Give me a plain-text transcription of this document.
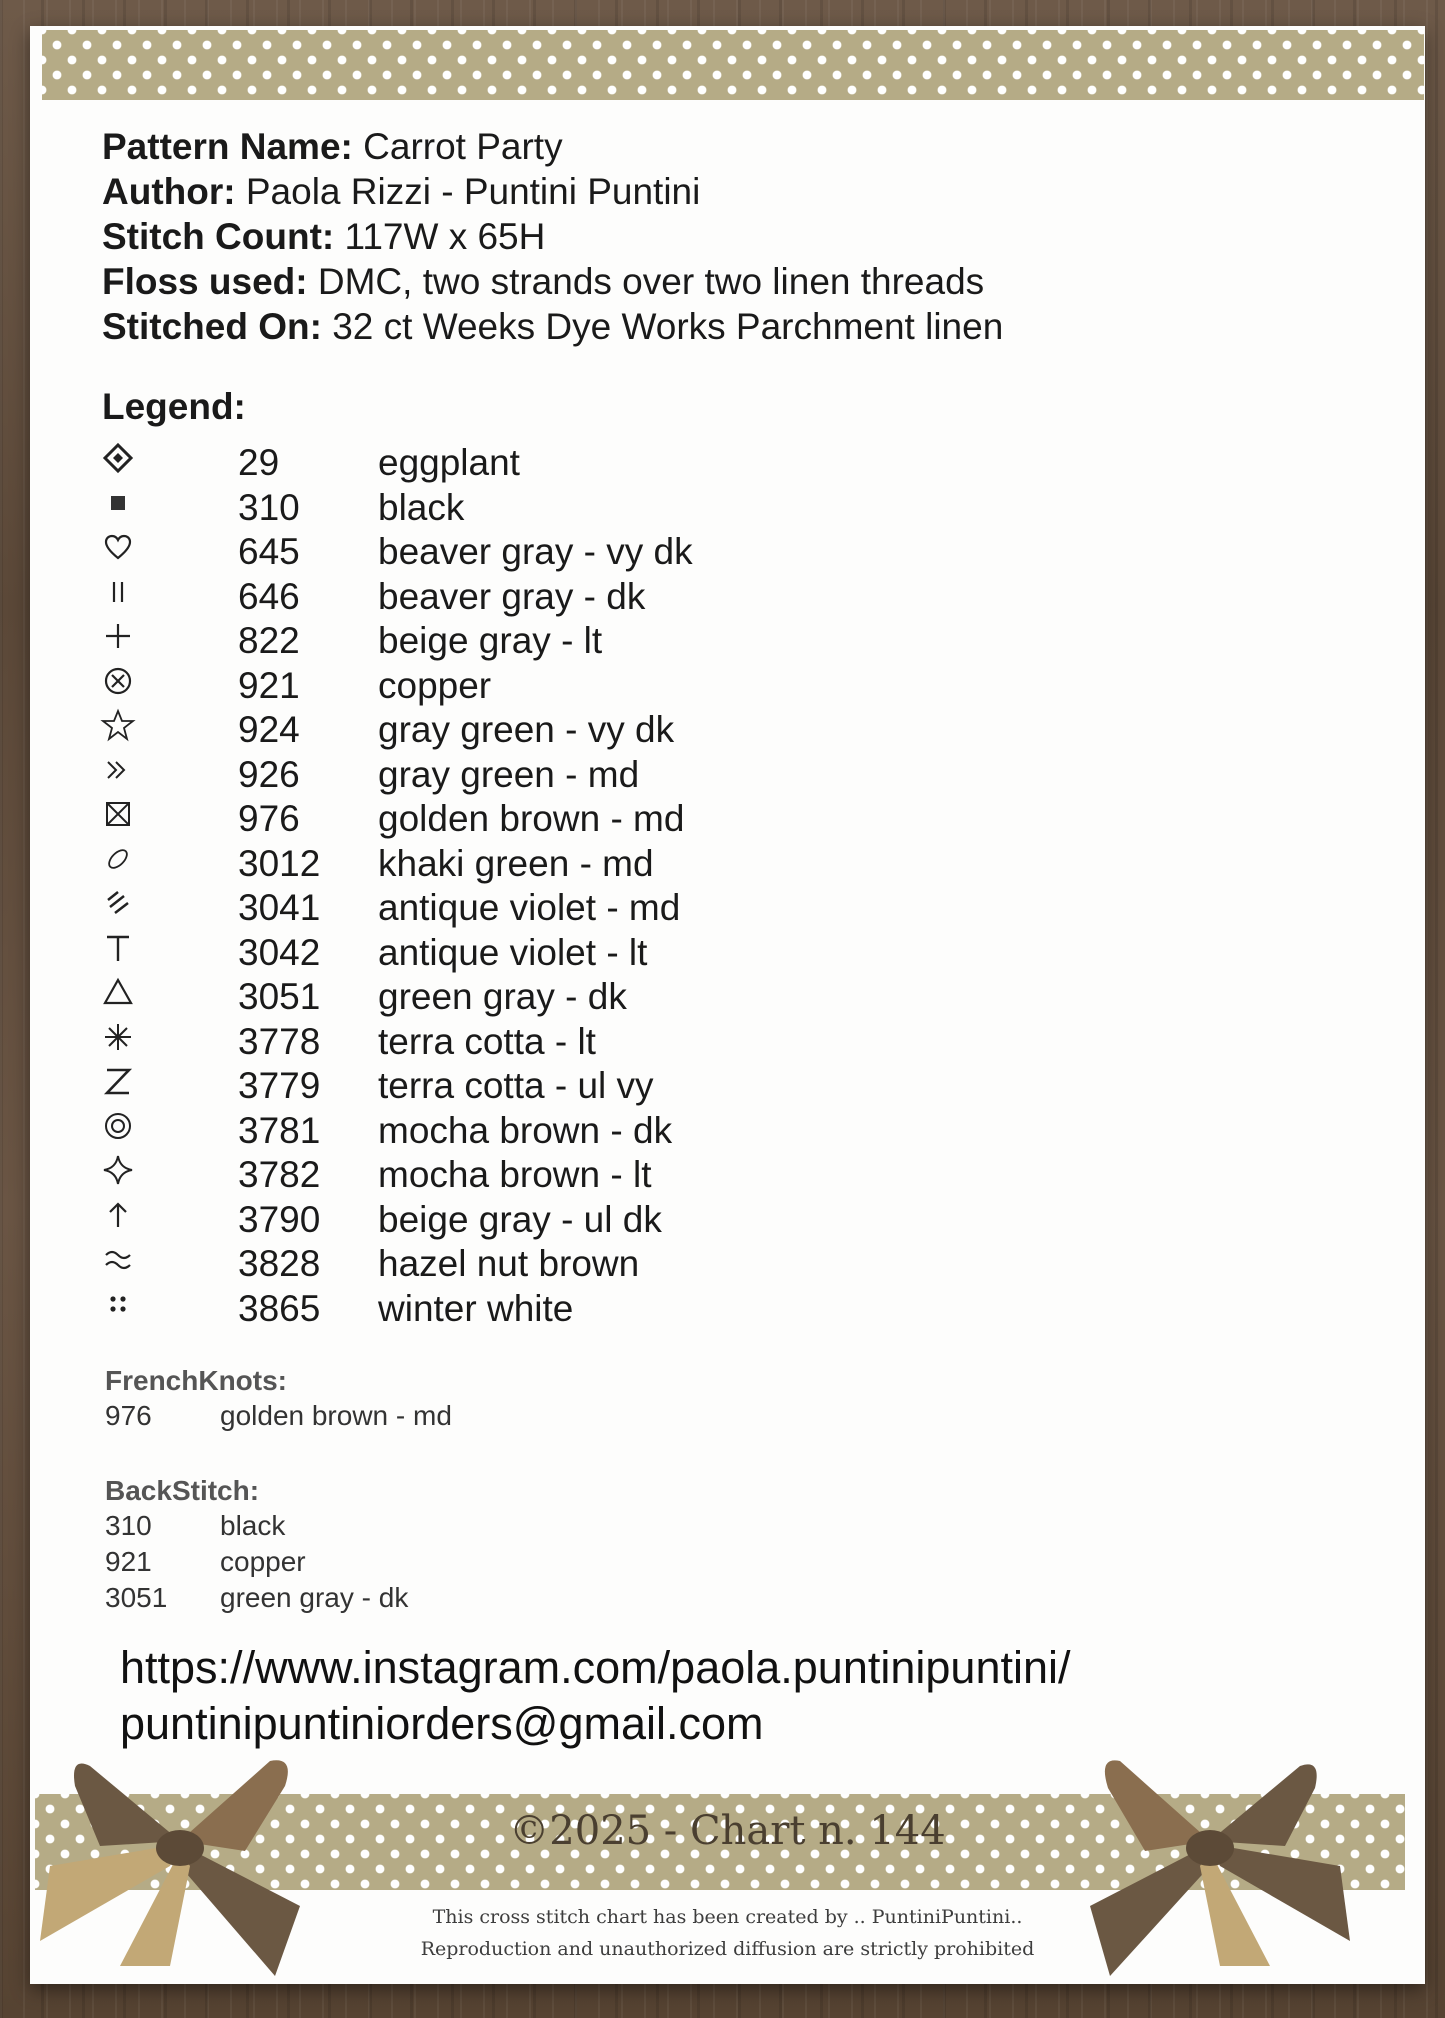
Pattern Name: Carrot Party
Author: Paola Rizzi - Puntini Puntini
Stitch Count: 117W x 65H
Floss used: DMC, two strands over two linen threads
Stitched On: 32 ct Weeks Dye Works Parchment linen
Legend:
29	eggplant
310 black
645 beaver gray - vy dk
646 beaver gray - dk
822 beige gray - lt
921 copper
924 gray green - vy dk
926 gray green - md
976 golden brown - md
3012 khaki green - md
3041 antique violet - md
3042 antique violet - lt
3051 green gray - dk
3778 terra cotta - lt
3779 terra cotta - ul vy
3781 mocha brown - dk
3782 mocha brown - lt
3790 beige gray - ul dk
3828 hazel nut brown
3865 winter white
FrenchKnots:
976 golden brown - md
BackStitch:
310 black
921 copper
3051 green gray - dk
https://www.instagram.com/paola.puntinipuntini/
puntinipuntiniorders@gmail.com
©2025 - Chart n. 144
This cross stitch chart has been created by .. PuntiniPuntini..
Reproduction and unauthorized diffusion are strictly prohibited
